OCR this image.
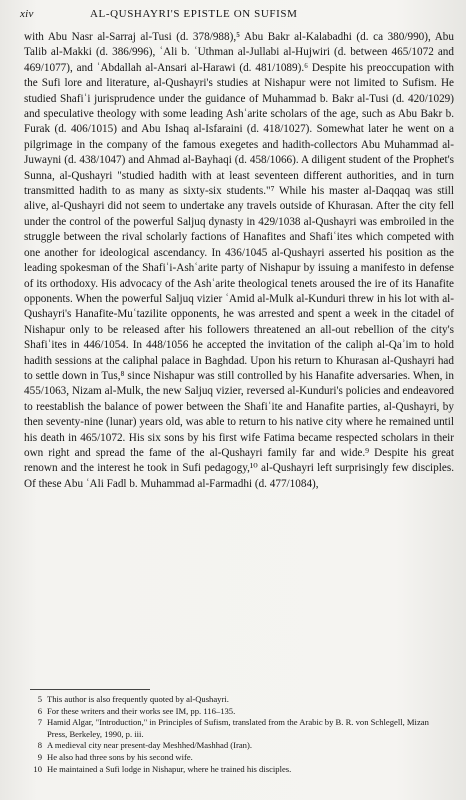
xiv	AL-QUSHAYRI'S EPISTLE ON SUFISM

with Abu Nasr al-Sarraj al-Tusi (d. 378/988),⁵ Abu Bakr al-Kalabadhi (d. ca 380/990), Abu Talib al-Makki (d. 386/996), ʿAli b. ʿUthman al-Jullabi al-Hujwiri (d. between 465/1072 and 469/1077), and ʿAbdallah al-Ansari al-Harawi (d. 481/1089).⁶ Despite his preoccupation with the Sufi lore and literature, al-Qushayri's studies at Nishapur were not limited to Sufism. He studied Shafiʿi jurisprudence under the guidance of Muhammad b. Bakr al-Tusi (d. 420/1029) and speculative theology with some leading Ashʿarite scholars of the age, such as Abu Bakr b. Furak (d. 406/1015) and Abu Ishaq al-Isfaraini (d. 418/1027). Somewhat later he went on a pilgrimage in the company of the famous exegetes and hadith-collectors Abu Muhammad al-Juwayni (d. 438/1047) and Ahmad al-Bayhaqi (d. 458/1066). A diligent student of the Prophet's Sunna, al-Qushayri "studied hadith with at least seventeen different authorities, and in turn transmitted hadith to as many as sixty-six students."⁷ While his master al-Daqqaq was still alive, al-Qushayri did not seem to undertake any travels outside of Khurasan. After the city fell under the control of the powerful Saljuq dynasty in 429/1038 al-Qushayri was embroiled in the struggle between the rival scholarly factions of Hanafites and Shafiʿites which competed with one another for ideological ascendancy. In 436/1045 al-Qushayri asserted his position as the leading spokesman of the Shafiʿi-Ashʿarite party of Nishapur by issuing a manifesto in defense of its orthodoxy. His advocacy of the Ashʿarite theological tenets aroused the ire of its Hanafite opponents. When the powerful Saljuq vizier ʿAmid al-Mulk al-Kunduri threw in his lot with al-Qushayri's Hanafite-Muʿtazilite opponents, he was arrested and spent a week in the citadel of Nishapur only to be released after his followers threatened an all-out rebellion of the city's Shafiʿites in 446/1054. In 448/1056 he accepted the invitation of the caliph al-Qaʾim to hold hadith sessions at the caliphal palace in Baghdad. Upon his return to Khurasan al-Qushayri had to settle down in Tus,⁸ since Nishapur was still controlled by his Hanafite adversaries. When, in 455/1063, Nizam al-Mulk, the new Saljuq vizier, reversed al-Kunduri's policies and endeavored to reestablish the balance of power between the Shafiʿite and Hanafite parties, al-Qushayri, by then seventy-nine (lunar) years old, was able to return to his native city where he remained until his death in 465/1072. His six sons by his first wife Fatima became respected scholars in their own right and spread the fame of the al-Qushayri family far and wide.⁹ Despite his great renown and the interest he took in Sufi pedagogy,¹⁰ al-Qushayri left surprisingly few disciples. Of these Abu ʿAli Fadl b. Muhammad al-Farmadhi (d. 477/1084),

5 This author is also frequently quoted by al-Qushayri.
6 For these writers and their works see IM, pp. 116–135.
7 Hamid Algar, "Introduction," in Principles of Sufism, translated from the Arabic by B. R. von Schlegell, Mizan Press, Berkeley, 1990, p. iii.
8 A medieval city near present-day Meshhed/Mashhad (Iran).
9 He also had three sons by his second wife.
10 He maintained a Sufi lodge in Nishapur, where he trained his disciples.
